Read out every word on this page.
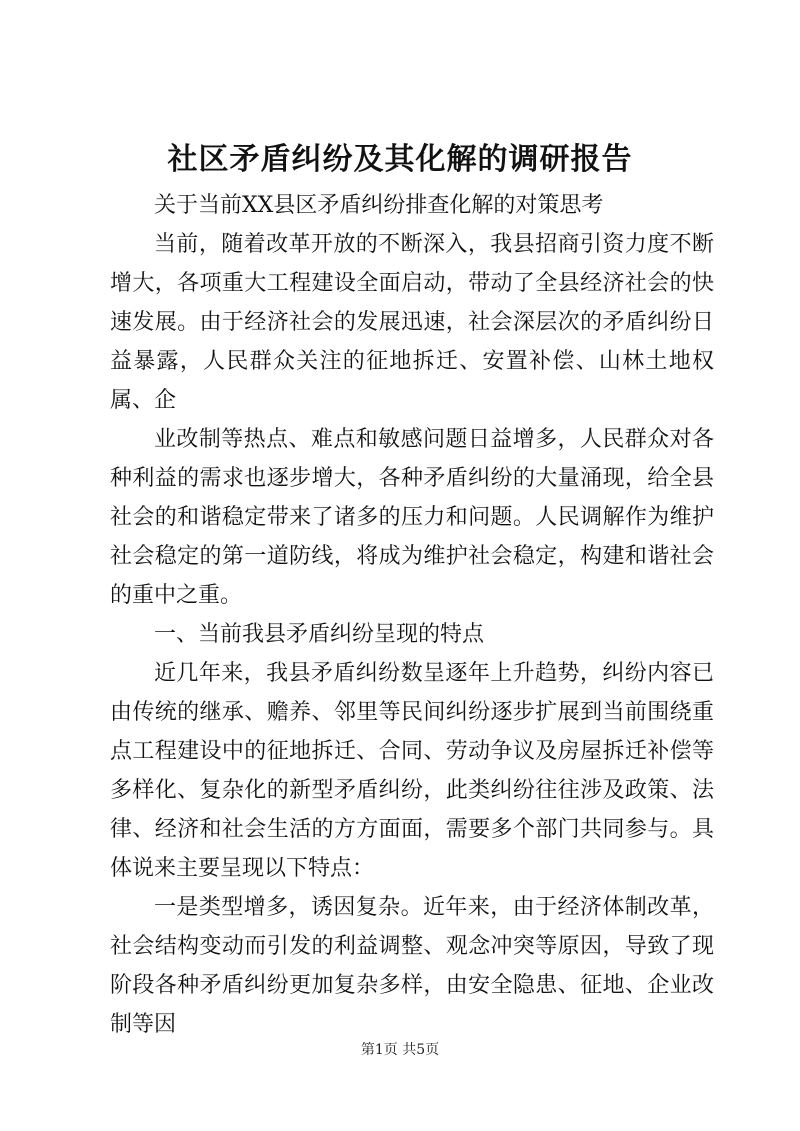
社区矛盾纠纷及其化解的调研报告

关于当前XX县区矛盾纠纷排查化解的对策思考

当前，随着改革开放的不断深入，我县招商引资力度不断增大，各项重大工程建设全面启动，带动了全县经济社会的快速发展。由于经济社会的发展迅速，社会深层次的矛盾纠纷日益暴露，人民群众关注的征地拆迁、安置补偿、山林土地权属、企

业改制等热点、难点和敏感问题日益增多，人民群众对各种利益的需求也逐步增大，各种矛盾纠纷的大量涌现，给全县社会的和谐稳定带来了诸多的压力和问题。人民调解作为维护社会稳定的第一道防线，将成为维护社会稳定，构建和谐社会的重中之重。

一、当前我县矛盾纠纷呈现的特点

近几年来，我县矛盾纠纷数呈逐年上升趋势，纠纷内容已由传统的继承、赡养、邻里等民间纠纷逐步扩展到当前围绕重点工程建设中的征地拆迁、合同、劳动争议及房屋拆迁补偿等多样化、复杂化的新型矛盾纠纷，此类纠纷往往涉及政策、法律、经济和社会生活的方方面面，需要多个部门共同参与。具体说来主要呈现以下特点：

一是类型增多，诱因复杂。近年来，由于经济体制改革，社会结构变动而引发的利益调整、观念冲突等原因，导致了现阶段各种矛盾纠纷更加复杂多样，由安全隐患、征地、企业改制等因

第1页 共5页
